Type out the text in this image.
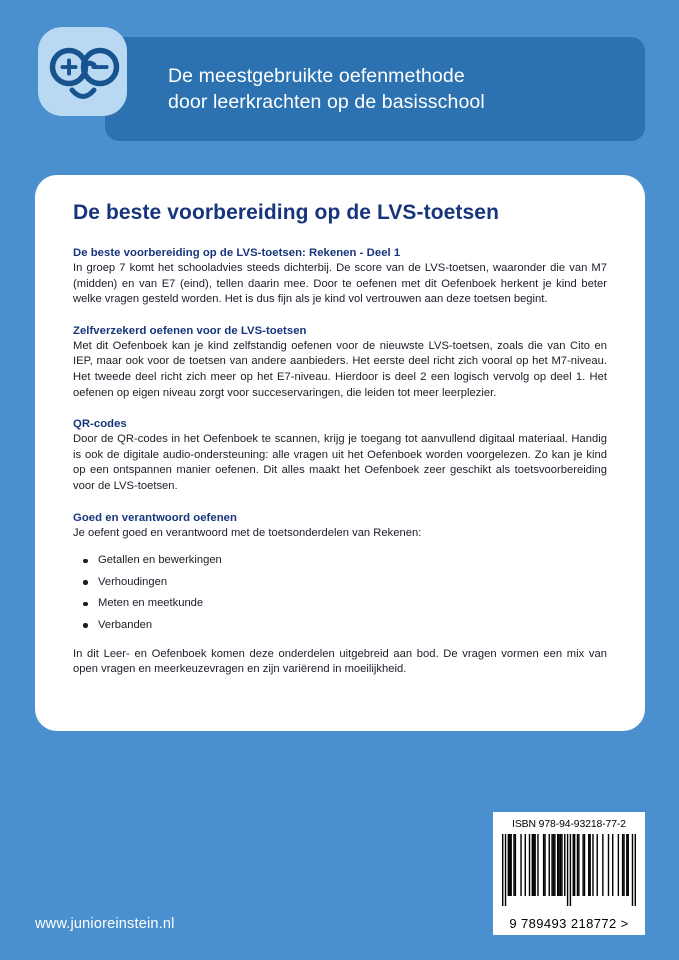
De meestgebruikte oefenmethode
door leerkrachten op de basisschool
De beste voorbereiding op de LVS-toetsen
De beste voorbereiding op de LVS-toetsen: Rekenen - Deel 1

In groep 7 komt het schooladvies steeds dichterbij. De score van de LVS-toetsen, waaronder die van M7 (midden) en van E7 (eind), tellen daarin mee. Door te oefenen met dit Oefenboek herkent je kind beter welke vragen gesteld worden. Het is dus fijn als je kind vol vertrouwen aan deze toetsen begint.

Zelfverzekerd oefenen voor de LVS-toetsen

Met dit Oefenboek kan je kind zelfstandig oefenen voor de nieuwste LVS-toetsen, zoals die van Cito en IEP, maar ook voor de toetsen van andere aanbieders. Het eerste deel richt zich vooral op het M7-niveau. Het tweede deel richt zich meer op het E7-niveau. Hierdoor is deel 2 een logisch vervolg op deel 1. Het oefenen op eigen niveau zorgt voor succeservaringen, die leiden tot meer leerplezier.

QR-codes

Door de QR-codes in het Oefenboek te scannen, krijg je toegang tot aanvullend digitaal materiaal. Handig is ook de digitale audio-ondersteuning: alle vragen uit het Oefenboek worden voorgelezen. Zo kan je kind op een ontspannen manier oefenen. Dit alles maakt het Oefenboek zeer geschikt als toetsvoorbereiding voor de LVS-toetsen.

Goed en verantwoord oefenen

Je oefent goed en verantwoord met de toetsonderdelen van Rekenen:

Getallen en bewerkingen
Verhoudingen
Meten en meetkunde
Verbanden

In dit Leer- en Oefenboek komen deze onderdelen uitgebreid aan bod. De vragen vormen een mix van open vragen en meerkeuzevragen en zijn variërend in moeilijkheid.

ISBN 978-94-93218-77-2
9 789493 218772 >
www.junioreinstein.nl
